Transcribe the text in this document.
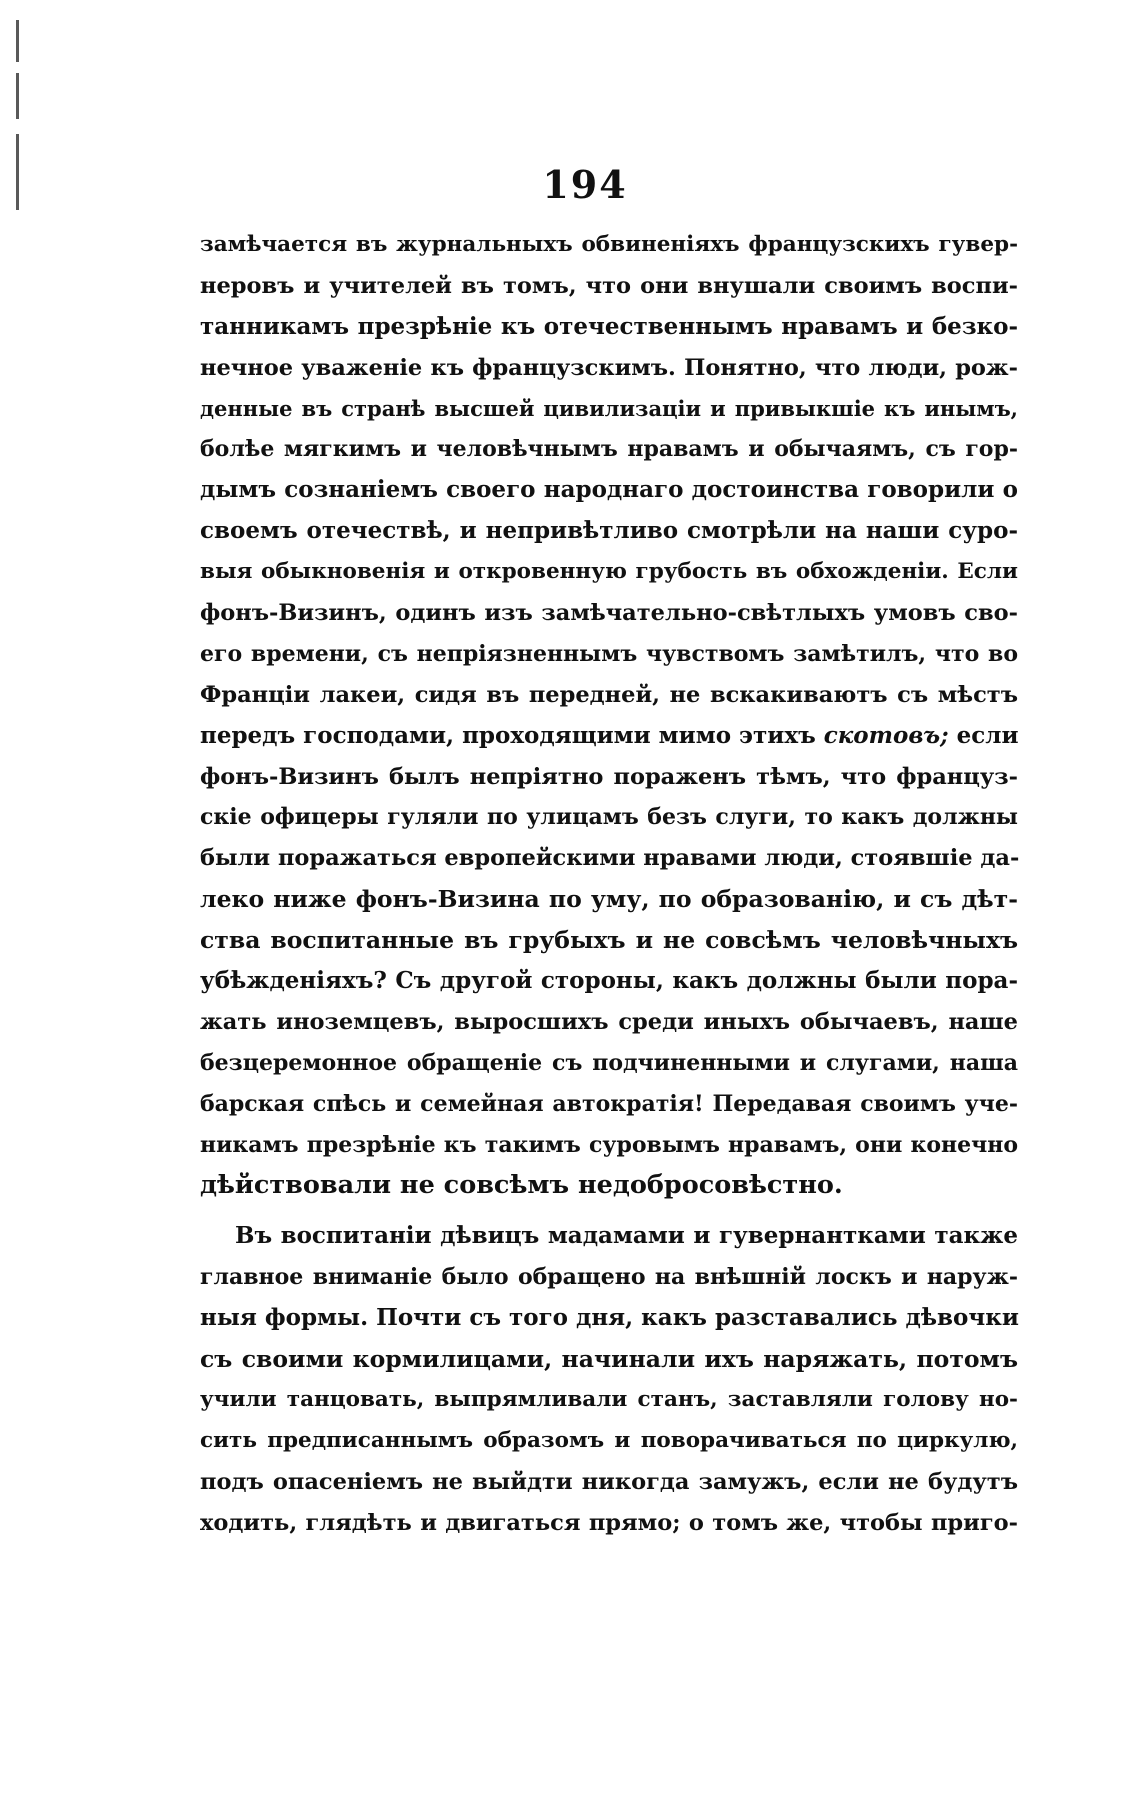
194
замѣчается въ журнальныхъ обвиненіяхъ французскихъ гувер-
неровъ и учителей въ томъ, что они внушали своимъ воспи-
танникамъ презрѣніе къ отечественнымъ нравамъ и безко-
нечное уваженіе къ французскимъ. Понятно, что люди, рож-
денные въ странѣ высшей цивилизаціи и привыкшіе къ инымъ,
болѣе мягкимъ и человѣчнымъ нравамъ и обычаямъ, съ гор-
дымъ сознаніемъ своего народнаго достоинства говорили о
своемъ отечествѣ, и непривѣтливо смотрѣли на наши суро-
выя обыкновенія и откровенную грубость въ обхожденіи. Если
фонъ-Визинъ, одинъ изъ замѣчательно-свѣтлыхъ умовъ сво-
его времени, съ непріязненнымъ чувствомъ замѣтилъ, что во
Франціи лакеи, сидя въ передней, не вскакиваютъ съ мѣстъ
передъ господами, проходящими мимо этихъ скотовъ; если
фонъ-Визинъ былъ непріятно пораженъ тѣмъ, что француз-
скіе офицеры гуляли по улицамъ безъ слуги, то какъ должны
были поражаться европейскими нравами люди, стоявшіе да-
леко ниже фонъ-Визина по уму, по образованію, и съ дѣт-
ства воспитанные въ грубыхъ и не совсѣмъ человѣчныхъ
убѣжденіяхъ? Съ другой стороны, какъ должны были пора-
жать иноземцевъ, выросшихъ среди иныхъ обычаевъ, наше
безцеремонное обращеніе съ подчиненными и слугами, наша
барская спѣсь и семейная автократія! Передавая своимъ уче-
никамъ презрѣніе къ такимъ суровымъ нравамъ, они конечно
дѣйствовали не совсѣмъ недобросовѣстно.
Въ воспитаніи дѣвицъ мадамами и гувернантками также
главное вниманіе было обращено на внѣшній лоскъ и наруж-
ныя формы. Почти съ того дня, какъ разставались дѣвочки
съ своими кормилицами, начинали ихъ наряжать, потомъ
учили танцовать, выпрямливали станъ, заставляли голову но-
сить предписаннымъ образомъ и поворачиваться по циркулю,
подъ опасеніемъ не выйдти никогда замужъ, если не будутъ
ходить, глядѣть и двигаться прямо; о томъ же, чтобы приго-
